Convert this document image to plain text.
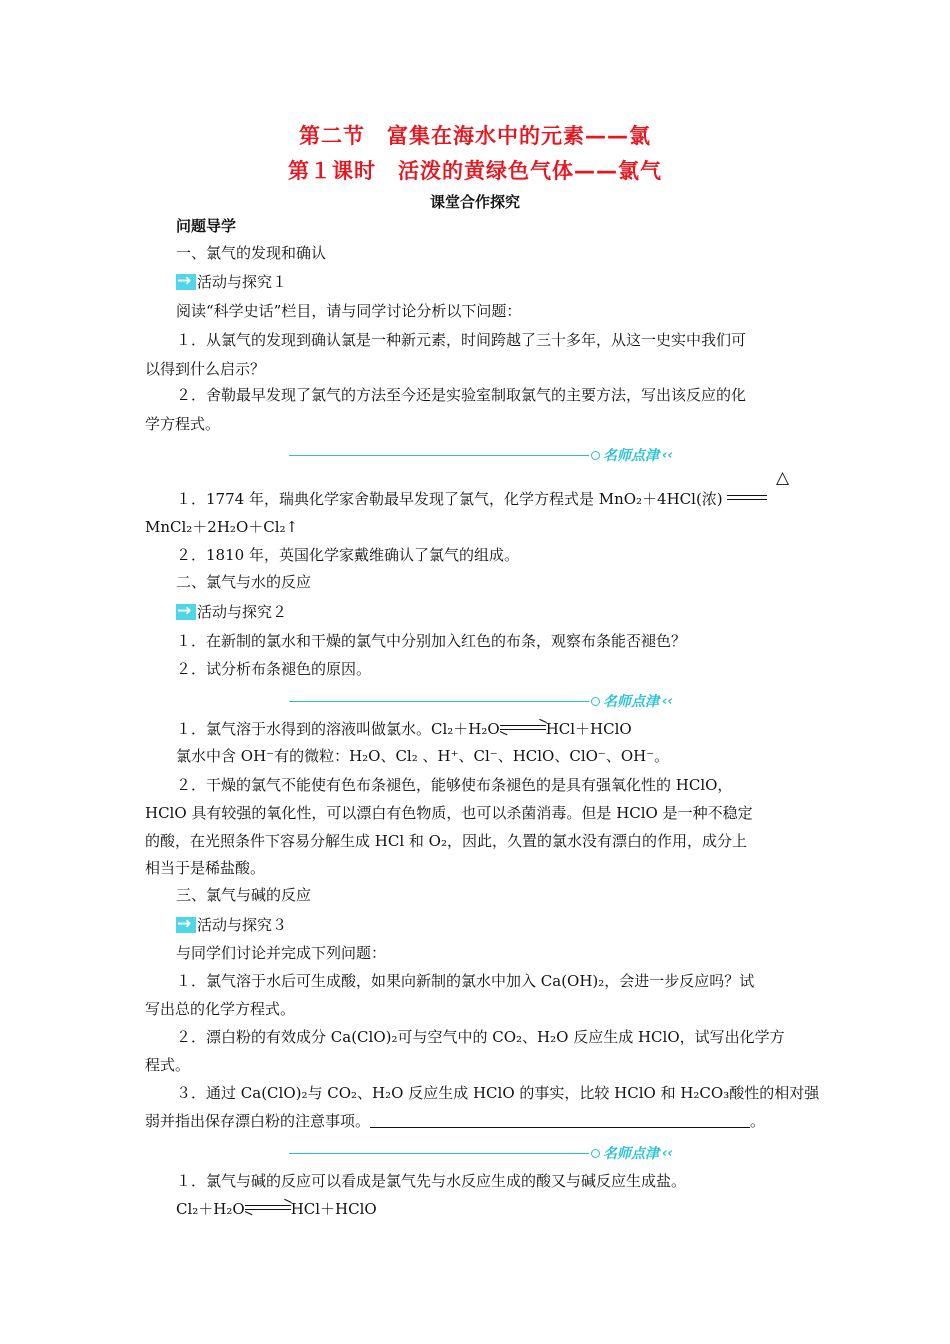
第二节　富集在海水中的元素——氯
第１课时　活泼的黄绿色气体——氯气
课堂合作探究
问题导学
一、氯气的发现和确认
→活动与探究１
阅读“科学史话”栏目，请与同学讨论分析以下问题：
１．从氯气的发现到确认氯是一种新元素，时间跨越了三十多年，从这一史实中我们可
以得到什么启示？
２．舍勒最早发现了氯气的方法至今还是实验室制取氯气的主要方法，写出该反应的化
学方程式。
名师点津 ‹‹
１．1774 年，瑞典化学家舍勒最早发现了氯气，化学方程式是 MnO₂＋4HCl(浓)
△
MnCl₂＋2H₂O＋Cl₂↑
２．1810 年，英国化学家戴维确认了氯气的组成。
二、氯气与水的反应
→活动与探究２
１．在新制的氯水和干燥的氯气中分别加入红色的布条，观察布条能否褪色？
２．试分析布条褪色的原因。
名师点津 ‹‹
１．氯气溶于水得到的溶液叫做氯水。Cl₂＋H₂O	HCl＋HClO
氯水中含 OH⁻有的微粒：H₂O、Cl₂ 、H⁺、Cl⁻、HClO、ClO⁻、OH⁻。
２．干燥的氯气不能使有色布条褪色，能够使布条褪色的是具有强氧化性的 HClO，
HClO 具有较强的氧化性，可以漂白有色物质，也可以杀菌消毒。但是 HClO 是一种不稳定
的酸，在光照条件下容易分解生成 HCl 和 O₂，因此，久置的氯水没有漂白的作用，成分上
相当于是稀盐酸。
三、氯气与碱的反应
→活动与探究３
与同学们讨论并完成下列问题：
１．氯气溶于水后可生成酸，如果向新制的氯水中加入 Ca(OH)₂，会进一步反应吗？试
写出总的化学方程式。
２．漂白粉的有效成分 Ca(ClO)₂可与空气中的 CO₂、H₂O 反应生成 HClO，试写出化学方
程式。
３．通过 Ca(ClO)₂与 CO₂、H₂O 反应生成 HClO 的事实，比较 HClO 和 H₂CO₃酸性的相对强
弱并指出保存漂白粉的注意事项。	。
名师点津 ‹‹
１．氯气与碱的反应可以看成是氯气先与水反应生成的酸又与碱反应生成盐。
Cl₂＋H₂O	HCl＋HClO
